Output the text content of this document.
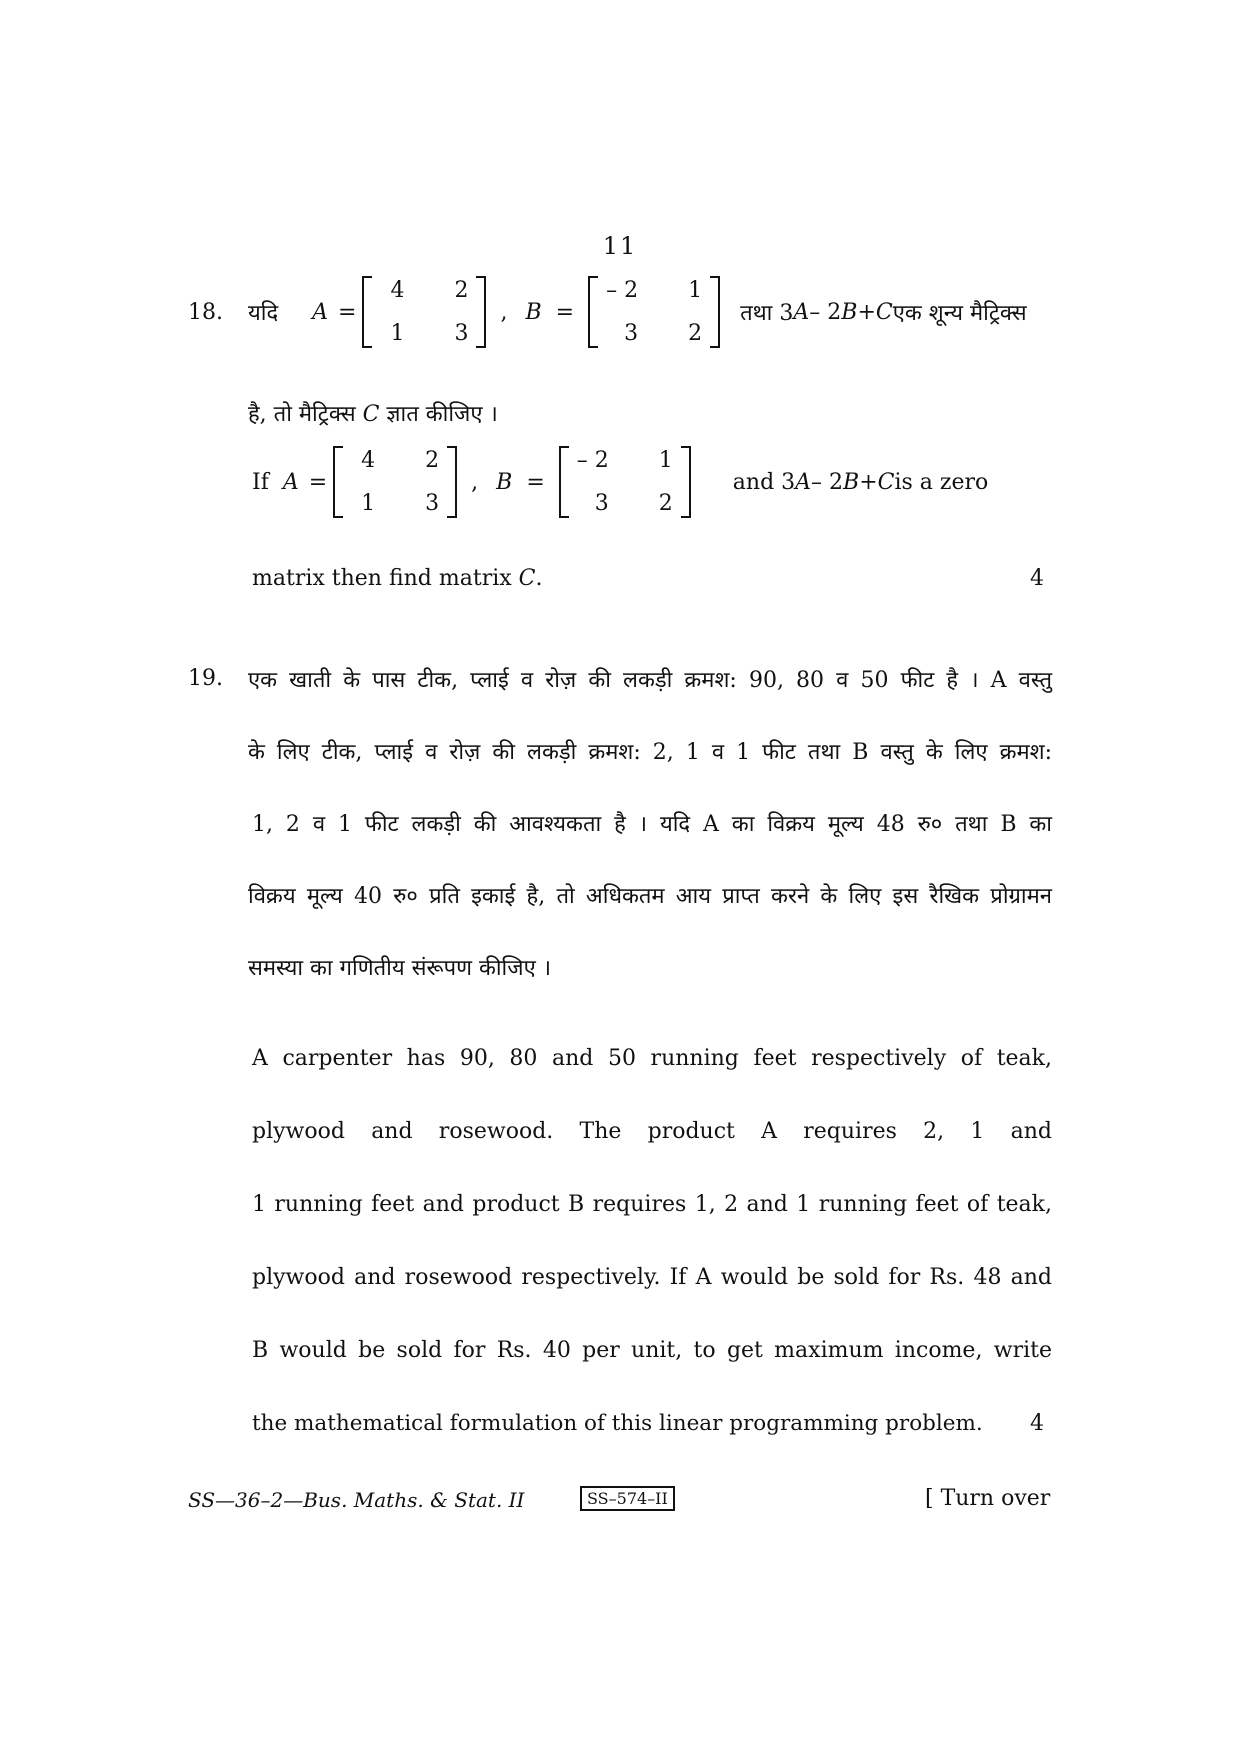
11
18. यदि A =
4	2
1	3
, B =
– 2	1
3	2
तथा 3 A – 2 B + C एक शून्य मैट्रिक्स
है, तो मैट्रिक्स C ज्ञात कीजिए ।
If A =
4	2
1	3
, B =
– 2	1
3	2
and 3 A – 2 B + C is a zero
matrix then find matrix C.	4
19. एक खाती के पास टीक, प्लाई व रोज़ की लकड़ी क्रमश: 90, 80 व 50 फीट है । A वस्तु
के लिए टीक, प्लाई व रोज़ की लकड़ी क्रमश: 2, 1 व 1 फीट तथा B वस्तु के लिए क्रमश:
1, 2 व 1 फीट लकड़ी की आवश्यकता है । यदि A का विक्रय मूल्य 48 रु० तथा B का
विक्रय मूल्य 40 रु० प्रति इकाई है, तो अधिकतम आय प्राप्त करने के लिए इस रैखिक प्रोग्रामन
समस्या का गणितीय संरूपण कीजिए ।
A carpenter has 90, 80 and 50 running feet respectively of teak,
plywood and rosewood. The product A requires 2, 1 and
1 running feet and product B requires 1, 2 and 1 running feet of teak,
plywood and rosewood respectively. If A would be sold for Rs. 48 and
B would be sold for Rs. 40 per unit, to get maximum income, write
the mathematical formulation of this linear programming problem. 4
SS—36–2—Bus. Maths. & Stat. II	SS–574–II	[ Turn over
